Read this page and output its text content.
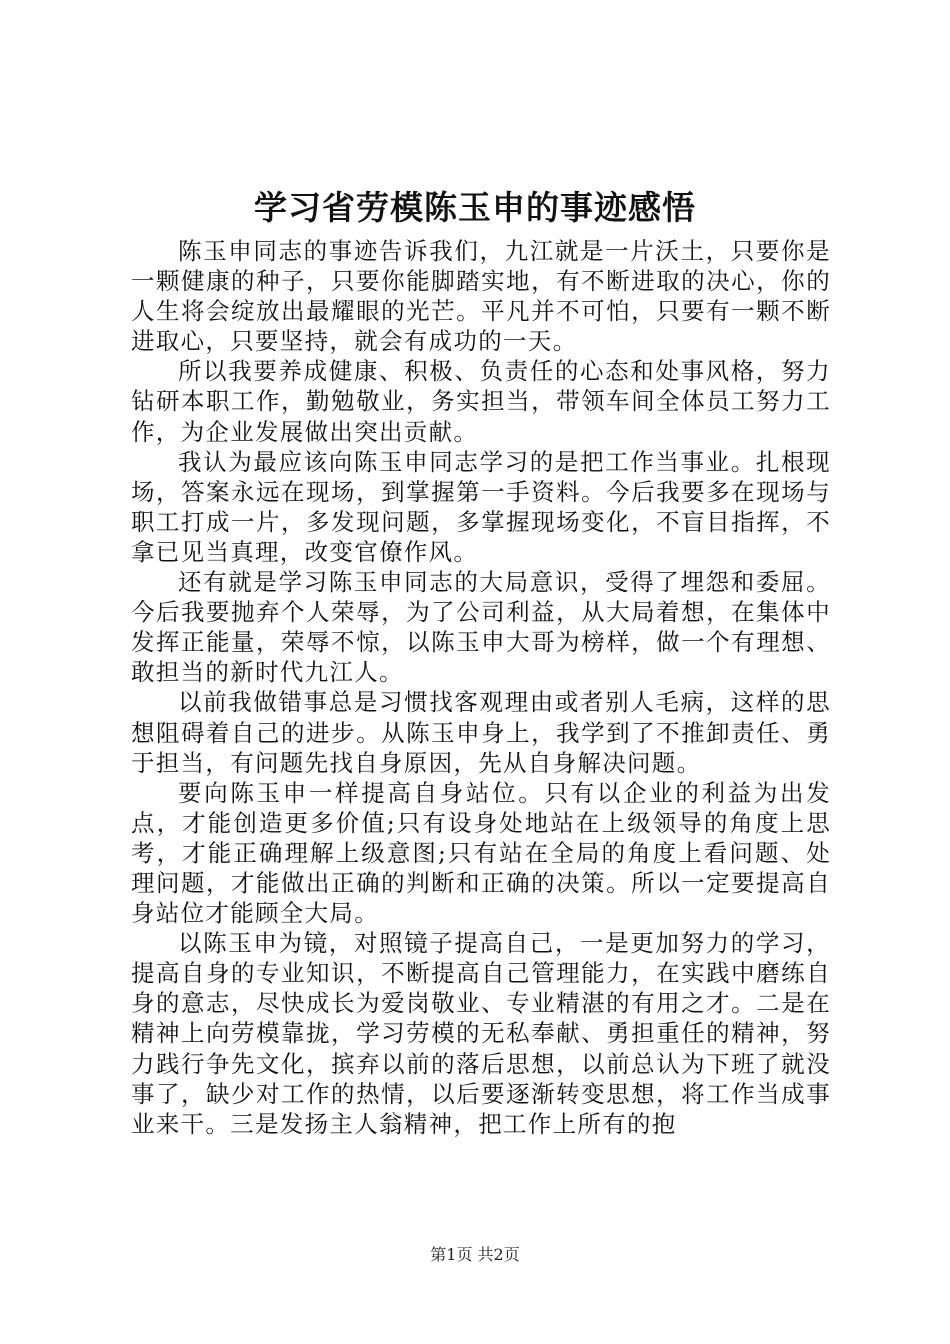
学习省劳模陈玉申的事迹感悟

陈玉申同志的事迹告诉我们，九江就是一片沃土，只要你是一颗健康的种子，只要你能脚踏实地，有不断进取的决心，你的人生将会绽放出最耀眼的光芒。平凡并不可怕，只要有一颗不断进取心，只要坚持，就会有成功的一天。

所以我要养成健康、积极、负责任的心态和处事风格，努力钻研本职工作，勤勉敬业，务实担当，带领车间全体员工努力工作，为企业发展做出突出贡献。

我认为最应该向陈玉申同志学习的是把工作当事业。扎根现场，答案永远在现场，到掌握第一手资料。今后我要多在现场与职工打成一片，多发现问题，多掌握现场变化，不盲目指挥，不拿已见当真理，改变官僚作风。

还有就是学习陈玉申同志的大局意识，受得了埋怨和委屈。今后我要抛弃个人荣辱，为了公司利益，从大局着想，在集体中发挥正能量，荣辱不惊，以陈玉申大哥为榜样，做一个有理想、敢担当的新时代九江人。

以前我做错事总是习惯找客观理由或者别人毛病，这样的思想阻碍着自己的进步。从陈玉申身上，我学到了不推卸责任、勇于担当，有问题先找自身原因，先从自身解决问题。

要向陈玉申一样提高自身站位。只有以企业的利益为出发点，才能创造更多价值;只有设身处地站在上级领导的角度上思考，才能正确理解上级意图;只有站在全局的角度上看问题、处理问题，才能做出正确的判断和正确的决策。所以一定要提高自身站位才能顾全大局。

以陈玉申为镜，对照镜子提高自己，一是更加努力的学习，提高自身的专业知识，不断提高自己管理能力，在实践中磨练自身的意志，尽快成长为爱岗敬业、专业精湛的有用之才。二是在精神上向劳模靠拢，学习劳模的无私奉献、勇担重任的精神，努力践行争先文化，摈弃以前的落后思想，以前总认为下班了就没事了，缺少对工作的热情，以后要逐渐转变思想，将工作当成事业来干。三是发扬主人翁精神，把工作上所有的抱

第1页 共2页
